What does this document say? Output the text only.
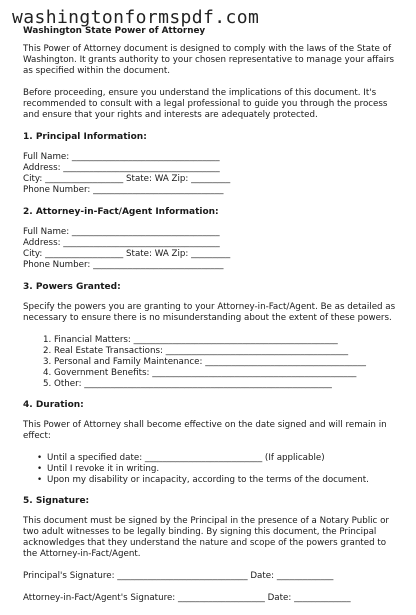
washingtonformspdf.com
Washington State Power of Attorney

This Power of Attorney document is designed to comply with the laws of the State of Washington. It grants authority to your chosen representative to manage your affairs as specified within the document.

Before proceeding, ensure you understand the implications of this document. It's recommended to consult with a legal professional to guide you through the process and ensure that your rights and interests are adequately protected.

1. Principal Information:
Full Name: __________________________________
Address: ____________________________________
City: __________________ State: WA Zip: _________
Phone Number: ______________________________
2. Attorney-in-Fact/Agent Information:
Full Name: __________________________________
Address: ____________________________________
City: __________________ State: WA Zip: _________
Phone Number: ______________________________
3. Powers Granted:

Specify the powers you are granting to your Attorney-in-Fact/Agent. Be as detailed as necessary to ensure there is no misunderstanding about the extent of these powers.

1. Financial Matters: _______________________________________________
2. Real Estate Transactions: __________________________________________
3. Personal and Family Maintenance: _____________________________________
4. Government Benefits: _______________________________________________
5. Other: _________________________________________________________
4. Duration:

This Power of Attorney shall become effective on the date signed and will remain in effect:

• Until a specified date: ___________________________ (If applicable)
• Until I revoke it in writing.
• Upon my disability or incapacity, according to the terms of the document.
5. Signature:

This document must be signed by the Principal in the presence of a Notary Public or two adult witnesses to be legally binding. By signing this document, the Principal acknowledges that they understand the nature and scope of the powers granted to the Attorney-in-Fact/Agent.

Principal's Signature: ______________________________ Date: _____________
Attorney-in-Fact/Agent's Signature: ____________________ Date: _____________
